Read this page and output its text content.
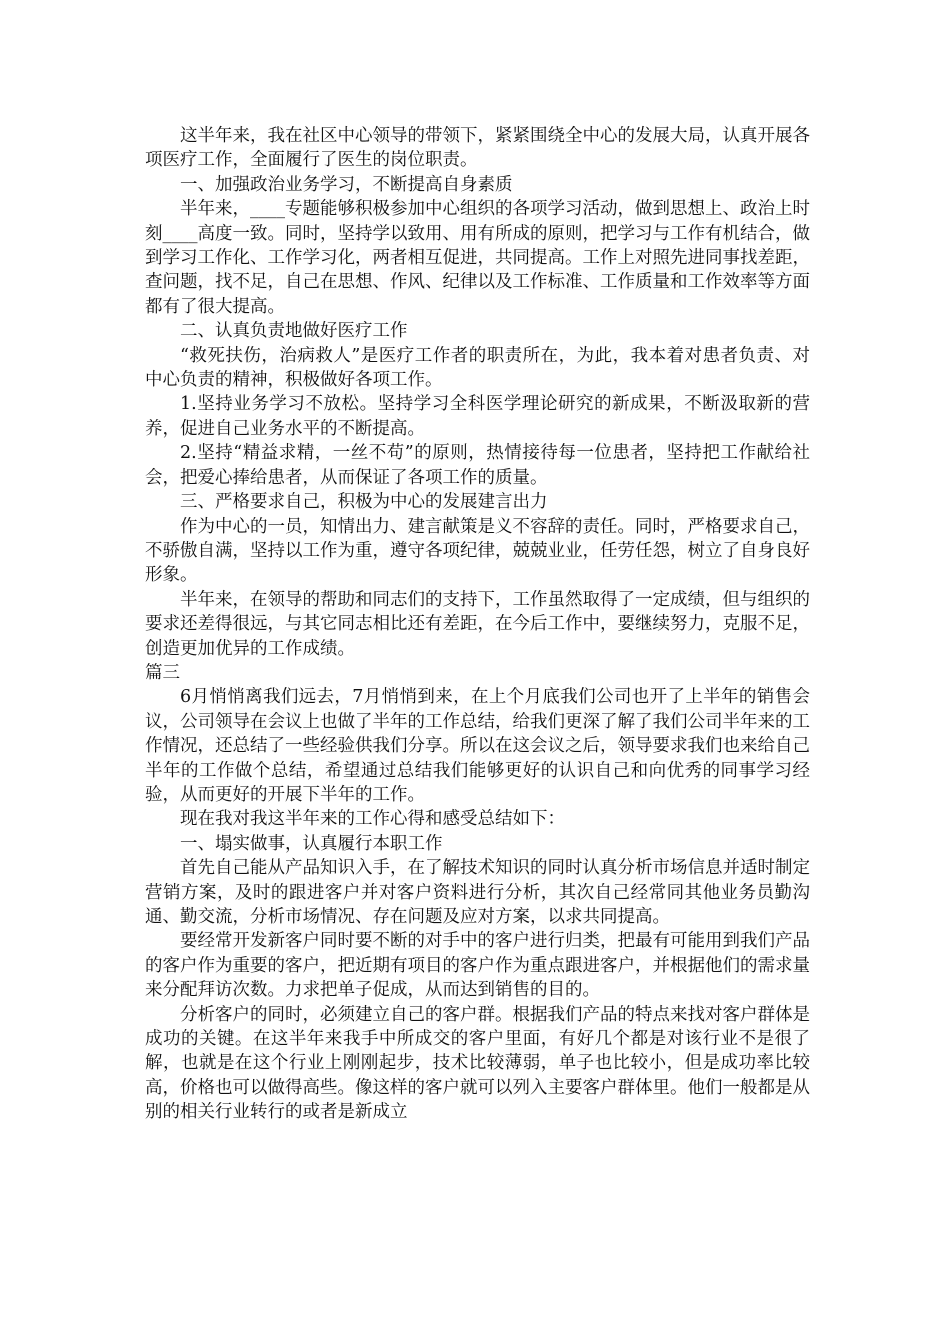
这半年来，我在社区中心领导的带领下，紧紧围绕全中心的发展大局，认真开展各项医疗工作，全面履行了医生的岗位职责。

一、加强政治业务学习，不断提高自身素质

半年来，____专题能够积极参加中心组织的各项学习活动，做到思想上、政治上时刻____高度一致。同时，坚持学以致用、用有所成的原则，把学习与工作有机结合，做到学习工作化、工作学习化，两者相互促进，共同提高。工作上对照先进同事找差距，查问题，找不足，自己在思想、作风、纪律以及工作标准、工作质量和工作效率等方面都有了很大提高。

二、认真负责地做好医疗工作

“救死扶伤，治病救人”是医疗工作者的职责所在，为此，我本着对患者负责、对中心负责的精神，积极做好各项工作。

1.坚持业务学习不放松。坚持学习全科医学理论研究的新成果，不断汲取新的营养，促进自己业务水平的不断提高。

2.坚持“精益求精，一丝不苟”的原则，热情接待每一位患者，坚持把工作献给社会，把爱心捧给患者，从而保证了各项工作的质量。

三、严格要求自己，积极为中心的发展建言出力

作为中心的一员，知情出力、建言献策是义不容辞的责任。同时，严格要求自己，不骄傲自满，坚持以工作为重，遵守各项纪律，兢兢业业，任劳任怨，树立了自身良好形象。

半年来，在领导的帮助和同志们的支持下，工作虽然取得了一定成绩，但与组织的要求还差得很远，与其它同志相比还有差距，在今后工作中，要继续努力，克服不足，创造更加优异的工作成绩。

篇三

6月悄悄离我们远去，7月悄悄到来，在上个月底我们公司也开了上半年的销售会议，公司领导在会议上也做了半年的工作总结，给我们更深了解了我们公司半年来的工作情况，还总结了一些经验供我们分享。所以在这会议之后，领导要求我们也来给自己半年的工作做个总结，希望通过总结我们能够更好的认识自己和向优秀的同事学习经验，从而更好的开展下半年的工作。

现在我对我这半年来的工作心得和感受总结如下：

一、塌实做事，认真履行本职工作

首先自己能从产品知识入手，在了解技术知识的同时认真分析市场信息并适时制定营销方案，及时的跟进客户并对客户资料进行分析，其次自己经常同其他业务员勤沟通、勤交流，分析市场情况、存在问题及应对方案，以求共同提高。

要经常开发新客户同时要不断的对手中的客户进行归类，把最有可能用到我们产品的客户作为重要的客户，把近期有项目的客户作为重点跟进客户，并根据他们的需求量来分配拜访次数。力求把单子促成，从而达到销售的目的。

分析客户的同时，必须建立自己的客户群。根据我们产品的特点来找对客户群体是成功的关键。在这半年来我手中所成交的客户里面，有好几个都是对该行业不是很了解，也就是在这个行业上刚刚起步，技术比较薄弱，单子也比较小，但是成功率比较高，价格也可以做得高些。像这样的客户就可以列入主要客户群体里。他们一般都是从别的相关行业转行的或者是新成立
